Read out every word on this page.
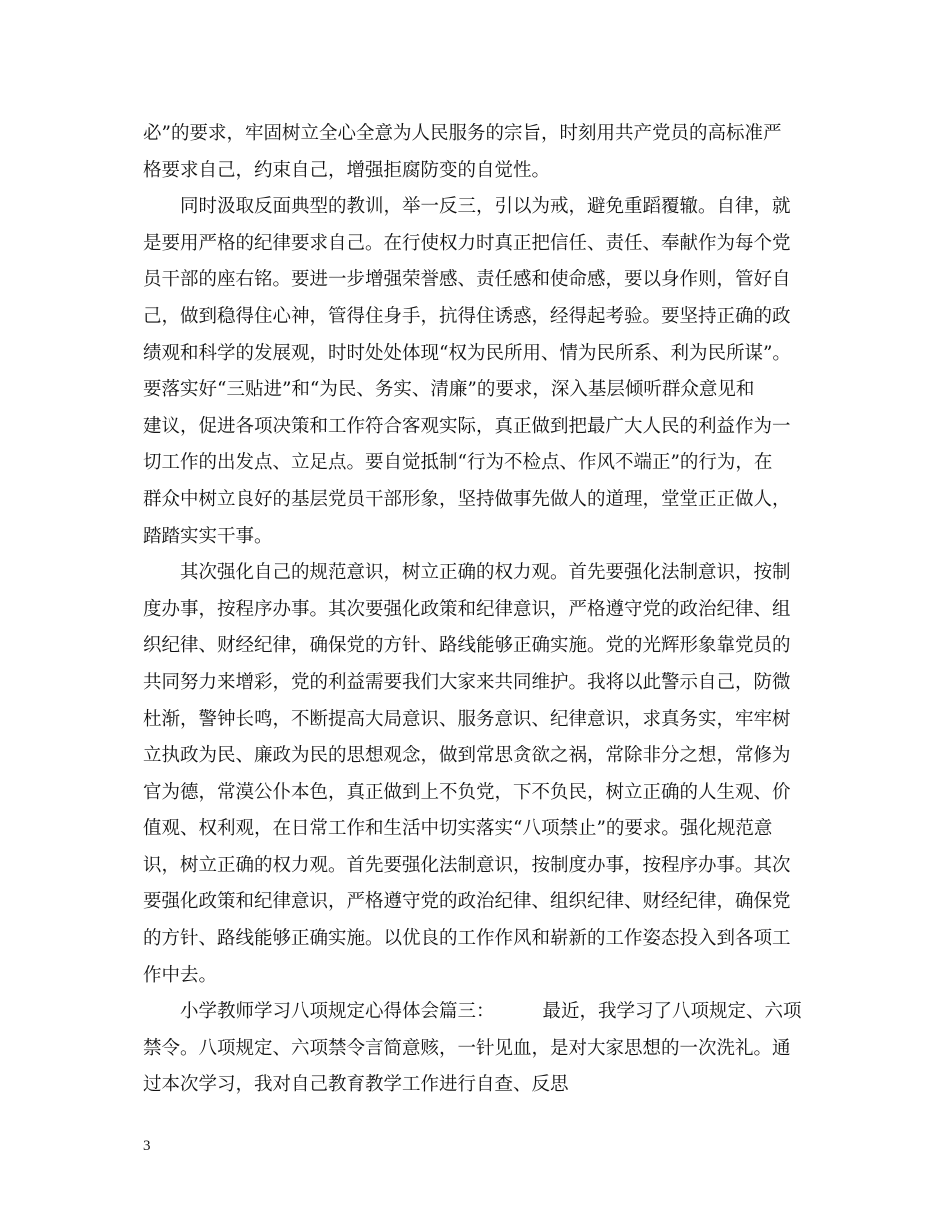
必”的要求，牢固树立全心全意为人民服务的宗旨，时刻用共产党员的高标准严
格要求自己，约束自己，增强拒腐防变的自觉性。

同时汲取反面典型的教训，举一反三，引以为戒，避免重蹈覆辙。自律，就
是要用严格的纪律要求自己。在行使权力时真正把信任、责任、奉献作为每个党
员干部的座右铭。要进一步增强荣誉感、责任感和使命感，要以身作则，管好自
己，做到稳得住心神，管得住身手，抗得住诱惑，经得起考验。要坚持正确的政
绩观和科学的发展观，时时处处体现“权为民所用、情为民所系、利为民所谋”。
要落实好“三贴进”和“为民、务实、清廉”的要求，深入基层倾听群众意见和
建议，促进各项决策和工作符合客观实际，真正做到把最广大人民的利益作为一
切工作的出发点、立足点。要自觉抵制“行为不检点、作风不端正”的行为，在
群众中树立良好的基层党员干部形象，坚持做事先做人的道理，堂堂正正做人，
踏踏实实干事。

其次强化自己的规范意识，树立正确的权力观。首先要强化法制意识，按制
度办事，按程序办事。其次要强化政策和纪律意识，严格遵守党的政治纪律、组
织纪律、财经纪律，确保党的方针、路线能够正确实施。党的光辉形象靠党员的
共同努力来增彩，党的利益需要我们大家来共同维护。我将以此警示自己，防微
杜渐，警钟长鸣，不断提高大局意识、服务意识、纪律意识，求真务实，牢牢树
立执政为民、廉政为民的思想观念，做到常思贪欲之祸，常除非分之想，常修为
官为德，常漠公仆本色，真正做到上不负党，下不负民，树立正确的人生观、价
值观、权利观，在日常工作和生活中切实落实“八项禁止”的要求。强化规范意
识，树立正确的权力观。首先要强化法制意识，按制度办事，按程序办事。其次
要强化政策和纪律意识，严格遵守党的政治纪律、组织纪律、财经纪律，确保党
的方针、路线能够正确实施。以优良的工作作风和崭新的工作姿态投入到各项工
作中去。

小学教师学习八项规定心得体会篇三：	最近，我学习了八项规定、六项
禁令。八项规定、六项禁令言简意赅，一针见血，是对大家思想的一次洗礼。通
过本次学习，我对自己教育教学工作进行自查、反思

3
